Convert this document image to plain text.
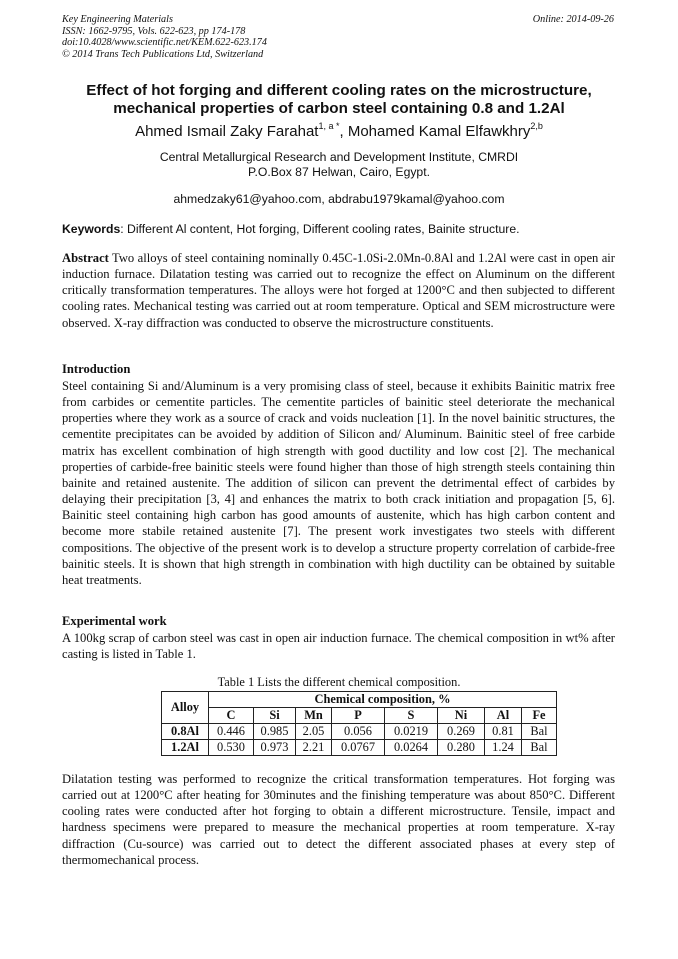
Key Engineering Materials
ISSN: 1662-9795, Vols. 622-623, pp 174-178
doi:10.4028/www.scientific.net/KEM.622-623.174
© 2014 Trans Tech Publications Ltd, Switzerland
Online: 2014-09-26
Effect of hot forging and different cooling rates on the microstructure,
mechanical properties of carbon steel containing 0.8 and 1.2Al
Ahmed Ismail Zaky Farahat$^{1, a *}$, Mohamed Kamal Elfawkhry$^{2,b}$
Central Metallurgical Research and Development Institute, CMRDI
P.O.Box 87 Helwan, Cairo, Egypt.
ahmedzaky61@yahoo.com, abdrabu1979kamal@yahoo.com
Keywords: Different Al content, Hot forging, Different cooling rates, Bainite structure.
Abstract Two alloys of steel containing nominally 0.45C-1.0Si-2.0Mn-0.8Al and 1.2Al were cast in open air induction furnace. Dilatation testing was carried out to recognize the effect on Aluminum on the different critically transformation temperatures. The alloys were hot forged at 1200°C and then subjected to different cooling rates. Mechanical testing was carried out at room temperature. Optical and SEM microstructure were observed. X-ray diffraction was conducted to observe the microstructure constituents.
Introduction
Steel containing Si and/Aluminum is a very promising class of steel, because it exhibits Bainitic matrix free from carbides or cementite particles. The cementite particles of bainitic steel deteriorate the mechanical properties where they work as a source of crack and voids nucleation [1]. In the novel bainitic structures, the cementite precipitates can be avoided by addition of Silicon and/ Aluminum. Bainitic steel of free carbide matrix has excellent combination of high strength with good ductility and low cost [2]. The mechanical properties of carbide-free bainitic steels were found higher than those of high strength steels containing thin bainite and retained austenite. The addition of silicon can prevent the detrimental effect of carbides by delaying their precipitation [3, 4] and enhances the matrix to both crack initiation and propagation [5, 6]. Bainitic steel containing high carbon has good amounts of austenite, which has high carbon content and become more stabile retained austenite [7]. The present work investigates two steels with different compositions. The objective of the present work is to develop a structure property correlation of carbide-free bainitic steels. It is shown that high strength in combination with high ductility can be obtained by suitable heat treatments.
Experimental work
A 100kg scrap of carbon steel was cast in open air induction furnace. The chemical composition in wt% after casting is listed in Table 1.
Table 1 Lists the different chemical composition.
Alloy	Chemical composition, %							
	C	Si	Mn	P	S	Ni	Al	Fe
0.8Al	0.446	0.985	2.05	0.056	0.0219	0.269	0.81	Bal
1.2Al	0.530	0.973	2.21	0.0767	0.0264	0.280	1.24	Bal
Dilatation testing was performed to recognize the critical transformation temperatures. Hot forging was carried out at 1200°C after heating for 30minutes and the finishing temperature was about 850°C. Different cooling rates were conducted after hot forging to obtain a different microstructure. Tensile, impact and hardness specimens were prepared to measure the mechanical properties at room temperature. X-ray diffraction (Cu-source) was carried out to detect the different associated phases at every step of thermomechanical process.
